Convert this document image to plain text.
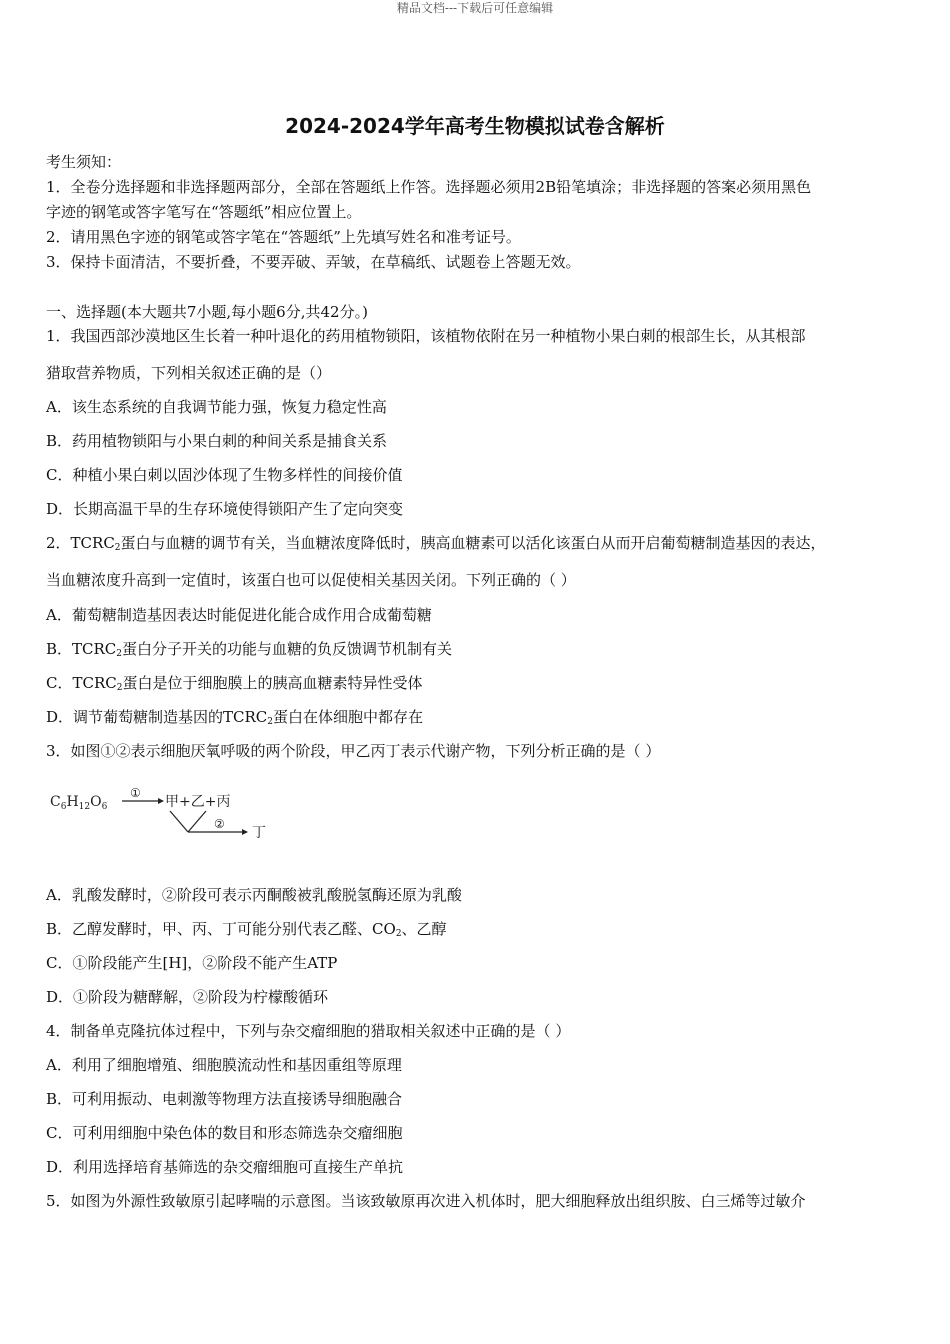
精品文档---下载后可任意编辑
2024-2024学年高考生物模拟试卷含解析
考生须知：
1．全卷分选择题和非选择题两部分，全部在答题纸上作答。选择题必须用2B铅笔填涂；非选择题的答案必须用黑色
字迹的钢笔或答字笔写在“答题纸”相应位置上。
2．请用黑色字迹的钢笔或答字笔在“答题纸”上先填写姓名和准考证号。
3．保持卡面清洁，不要折叠，不要弄破、弄皱，在草稿纸、试题卷上答题无效。
一、选择题(本大题共7小题,每小题6分,共42分。)
1．我国西部沙漠地区生长着一种叶退化的药用植物锁阳，该植物依附在另一种植物小果白刺的根部生长，从其根部
猎取营养物质，下列相关叙述正确的是（）
A．该生态系统的自我调节能力强，恢复力稳定性高
B．药用植物锁阳与小果白刺的种间关系是捕食关系
C．种植小果白刺以固沙体现了生物多样性的间接价值
D．长期高温干旱的生存环境使得锁阳产生了定向突变
2．$TCRC_2$蛋白与血糖的调节有关，当血糖浓度降低时，胰高血糖素可以活化该蛋白从而开启葡萄糖制造基因的表达，
当血糖浓度升高到一定值时，该蛋白也可以促使相关基因关闭。下列正确的（ ）
A．葡萄糖制造基因表达时能促进化能合成作用合成葡萄糖
B．$TCRC_2$蛋白分子开关的功能与血糖的负反馈调节机制有关
C．$TCRC_2$蛋白是位于细胞膜上的胰高血糖素特异性受体
D．调节葡萄糖制造基因的$TCRC_2$蛋白在体细胞中都存在
3．如图①②表示细胞厌氧呼吸的两个阶段，甲乙丙丁表示代谢产物，下列分析正确的是（ ）
$C_6H_{12}O_6$
①
甲+乙+丙
②
丁
A．乳酸发酵时，②阶段可表示丙酮酸被乳酸脱氢酶还原为乳酸
B．乙醇发酵时，甲、丙、丁可能分别代表乙醛、$CO_2$、乙醇
C．①阶段能产生[H]，②阶段不能产生ATP
D．①阶段为糖酵解，②阶段为柠檬酸循环
4．制备单克隆抗体过程中，下列与杂交瘤细胞的猎取相关叙述中正确的是（ ）
A．利用了细胞增殖、细胞膜流动性和基因重组等原理
B．可利用振动、电刺激等物理方法直接诱导细胞融合
C．可利用细胞中染色体的数目和形态筛选杂交瘤细胞
D．利用选择培育基筛选的杂交瘤细胞可直接生产单抗
5．如图为外源性致敏原引起哮喘的示意图。当该致敏原再次进入机体时，肥大细胞释放出组织胺、白三烯等过敏介
